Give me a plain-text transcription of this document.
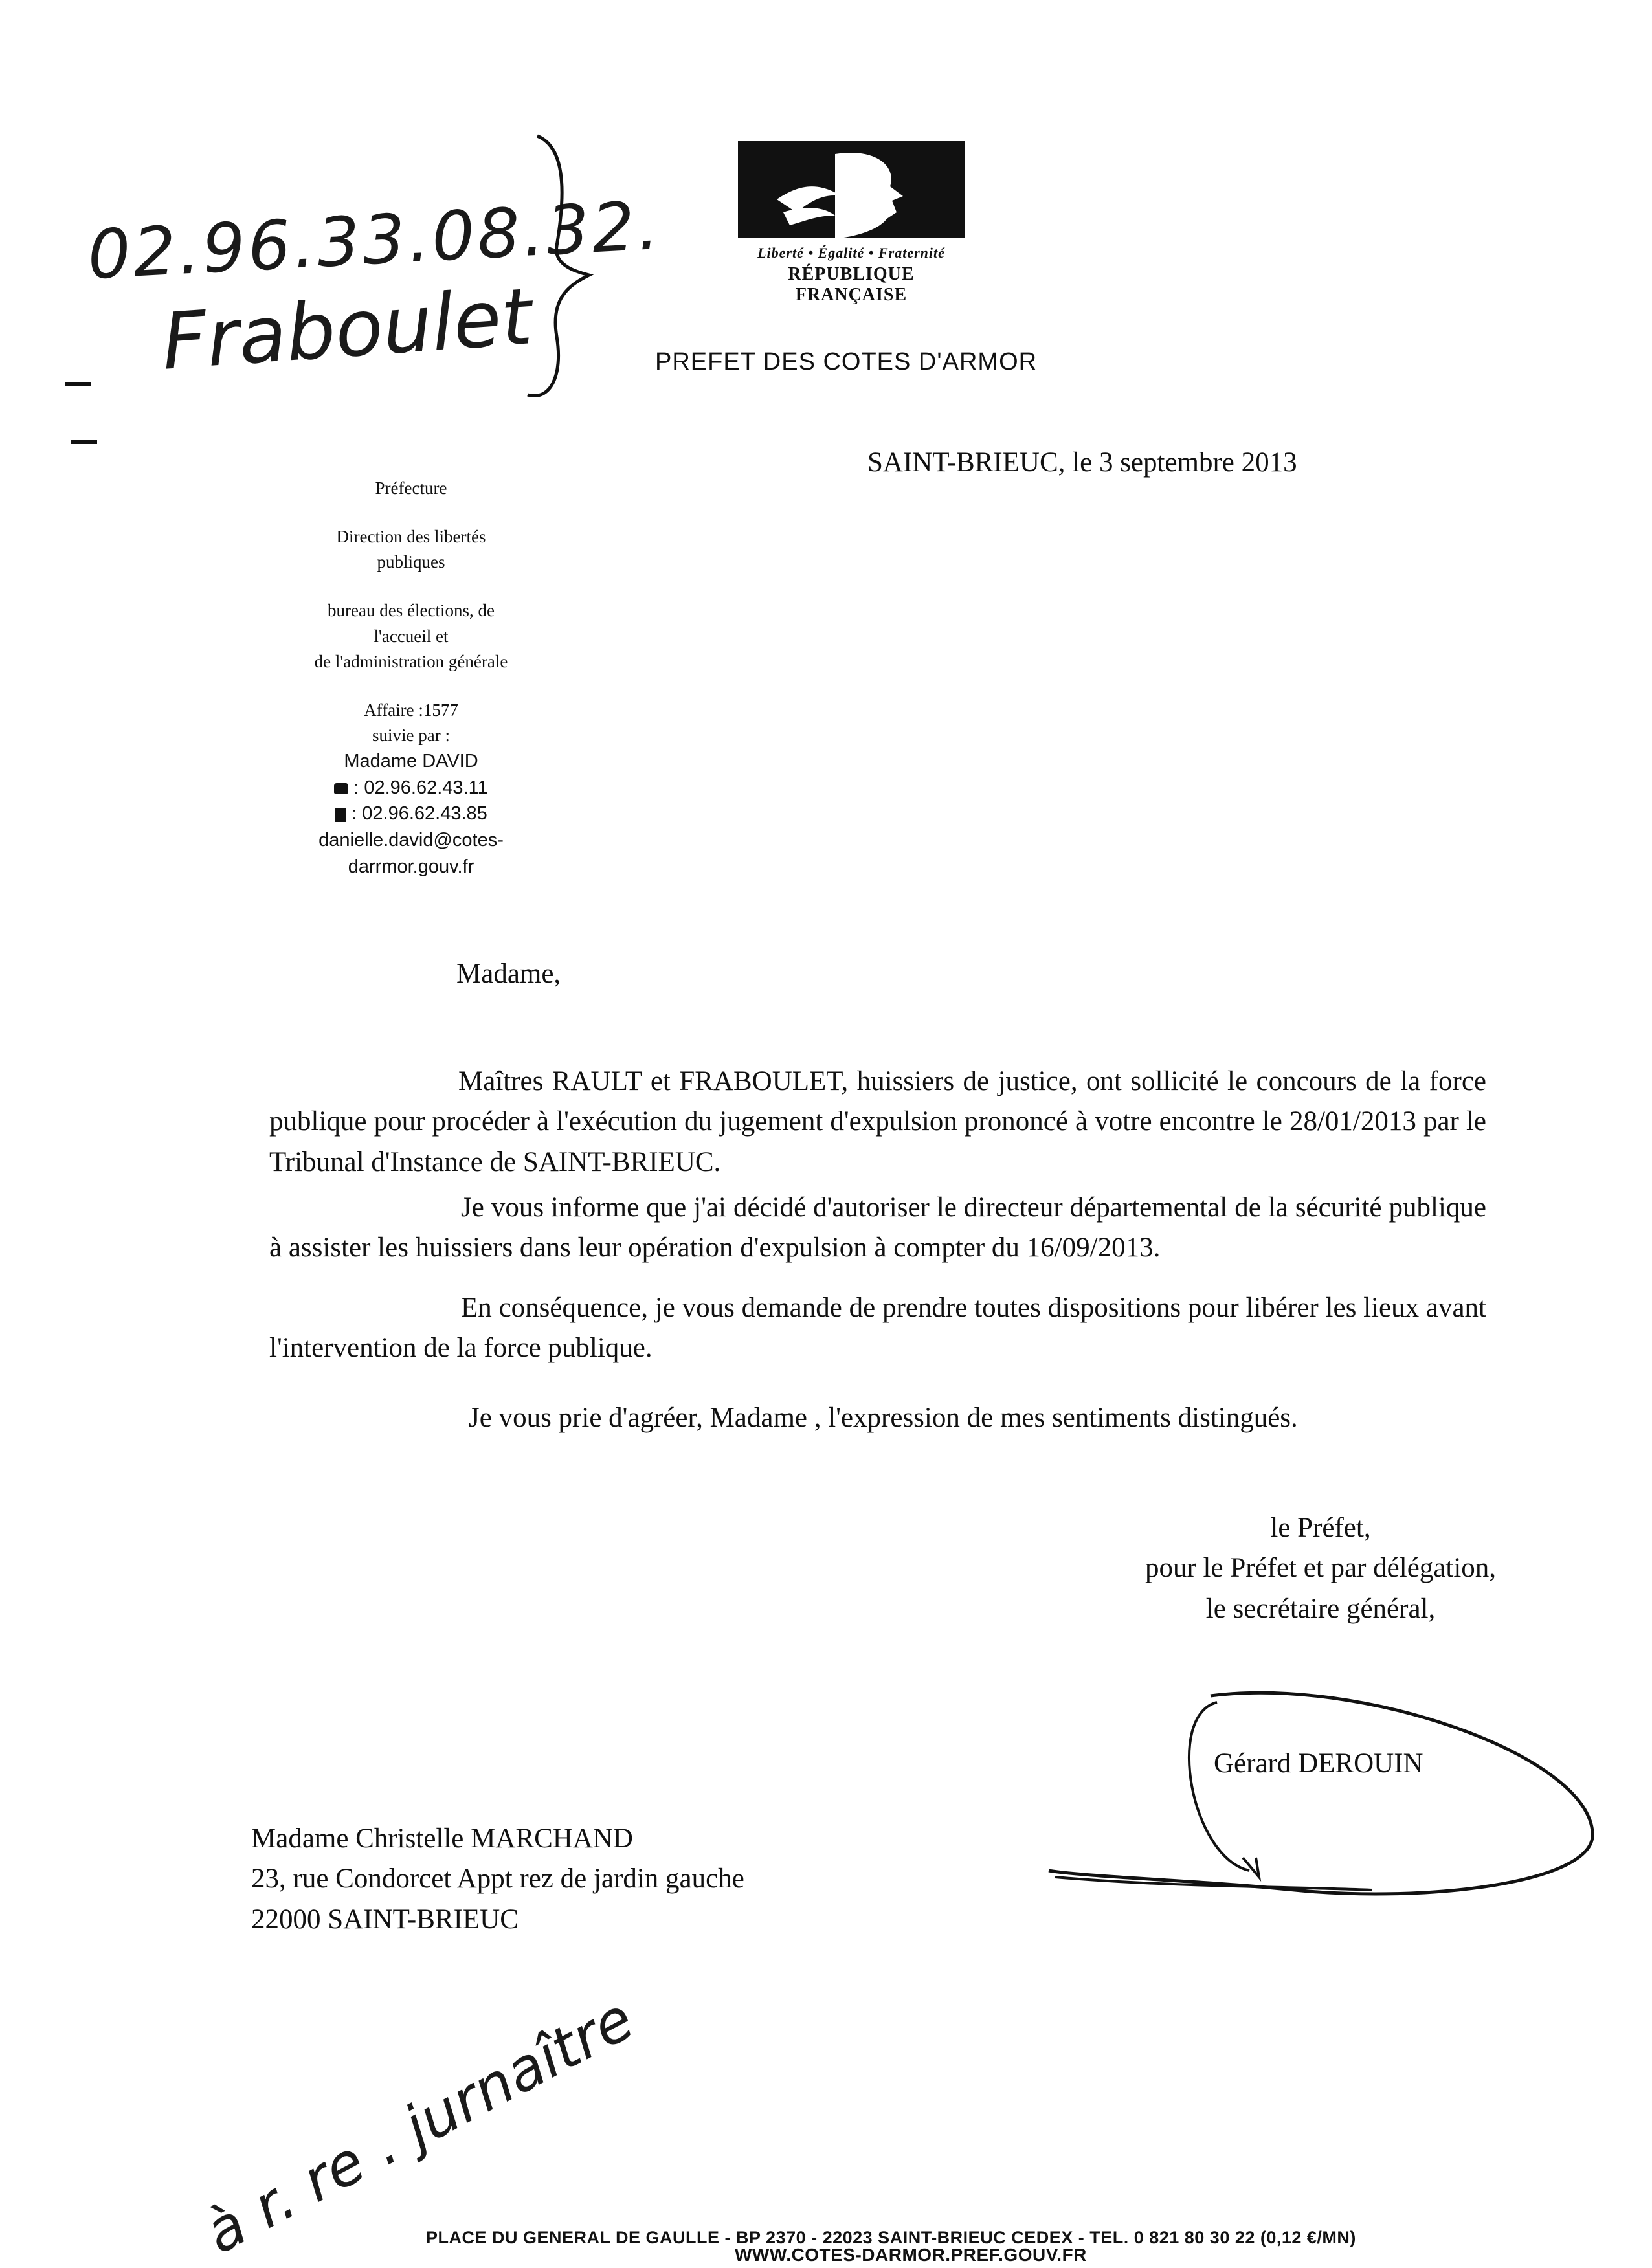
02.96.33.08.32.
Fraboulet
Liberté • Égalité • Fraternité
RÉPUBLIQUE FRANÇAISE
PREFET DES COTES D'ARMOR
SAINT-BRIEUC, le 3 septembre 2013
Préfecture
Direction des libertés
publiques
bureau des élections, de
l'accueil et
de l'administration générale
Affaire :1577
suivie par :
Madame DAVID
: 02.96.62.43.11
: 02.96.62.43.85
danielle.david@cotes-
darrmor.gouv.fr
Madame,
Maîtres RAULT et FRABOULET, huissiers de justice, ont sollicité le concours de la force publique pour procéder à l'exécution du jugement d'expulsion prononcé à votre encontre le 28/01/2013 par le Tribunal d'Instance de SAINT-BRIEUC.
Je vous informe que j'ai décidé d'autoriser le directeur départemental de la sécurité publique à assister les huissiers dans leur opération d'expulsion à compter du 16/09/2013.
En conséquence, je vous demande de prendre toutes dispositions pour libérer les lieux avant l'intervention de la force publique.
Je vous prie d'agréer, Madame , l'expression de mes sentiments distingués.
le Préfet,
pour le Préfet et par délégation,
le secrétaire général,
Gérard DEROUIN
Madame Christelle MARCHAND
23, rue Condorcet Appt rez de jardin gauche
22000 SAINT-BRIEUC
à r. re . jurnaître
PLACE DU GENERAL DE GAULLE - BP 2370 - 22023 SAINT-BRIEUC CEDEX - TEL. 0 821 80 30 22 (0,12 €/MN)
WWW.COTES-DARMOR.PREF.GOUV.FR
